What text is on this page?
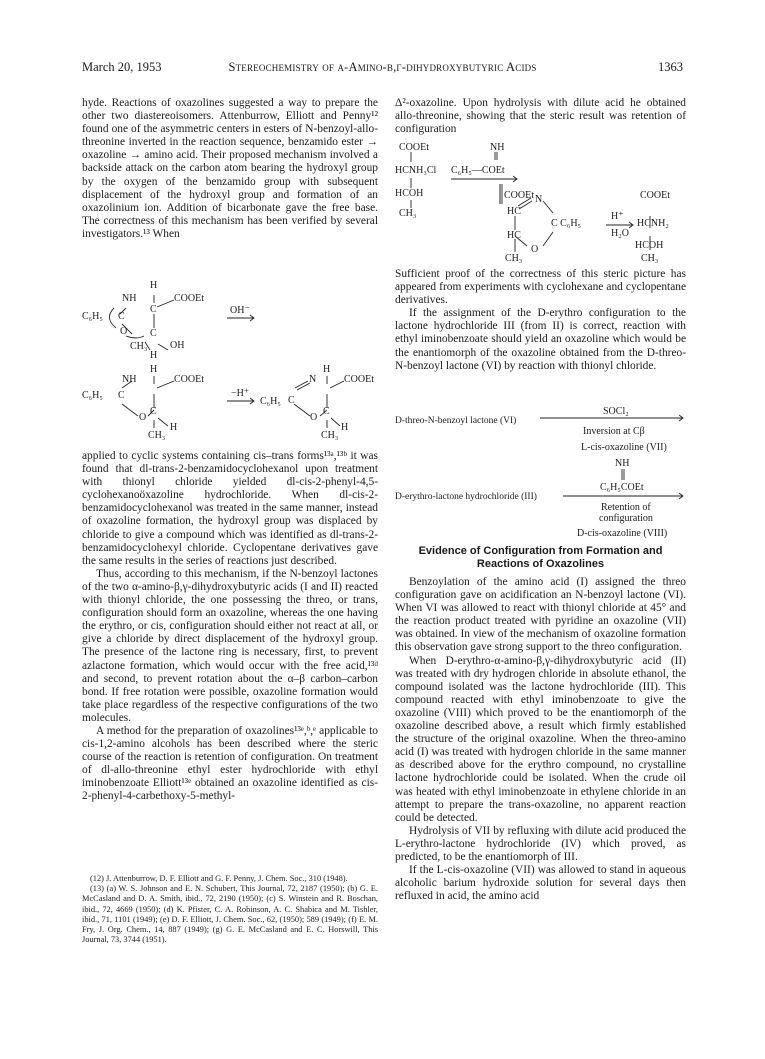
March 20, 1953	Stereochemistry of α-Amino-β,γ-dihydroxybutyric Acids	1363

hyde. Reactions of oxazolines suggested a way to prepare the other two diastereoisomers. Attenburrow, Elliott and Penny¹² found one of the asymmetric centers in esters of N-benzoyl-allo-threonine inverted in the reaction sequence, benzamido ester → oxazoline → amino acid. Their proposed mechanism involved a backside attack on the carbon atom bearing the hydroxyl group by the oxygen of the benzamido group with subsequent displacement of the hydroxyl group and formation of an oxazolinium ion. Addition of bicarbonate gave the free base. The correctness of this mechanism has been verified by several investigators.¹³ When

H
NH	COOEt
C
C₆H₅ C
O C
CH₃ OH
H
OH⁻
H
NH	COOEt
C₆H₅ C
O
C
H
CH₃
−H⁺
H
N	COOEt
C₆H₅ C
O
C
H
CH₃

applied to cyclic systems containing cis–trans forms¹³ᵃ,¹³ᵇ it was found that dl-trans-2-benzamidocyclohexanol upon treatment with thionyl chloride yielded dl-cis-2-phenyl-4,5-cyclohexanoöxazoline hydrochloride. When dl-cis-2-benzamidocyclohexanol was treated in the same manner, instead of oxazoline formation, the hydroxyl group was displaced by chloride to give a compound which was identified as dl-trans-2-benzamidocyclohexyl chloride. Cyclopentane derivatives gave the same results in the series of reactions just described.

Thus, according to this mechanism, if the N-benzoyl lactones of the two α-amino-β,γ-dihydroxybutyric acids (I and II) reacted with thionyl chloride, the one possessing the threo, or trans, configuration should form an oxazoline, whereas the one having the erythro, or cis, configuration should either not react at all, or give a chloride by direct displacement of the hydroxyl group. The presence of the lactone ring is necessary, first, to prevent azlactone formation, which would occur with the free acid,¹³ᵈ and second, to prevent rotation about the α–β carbon–carbon bond. If free rotation were possible, oxazoline formation would take place regardless of the respective configurations of the two molecules.

A method for the preparation of oxazolines¹³ᵉ,ᵇ,ᵉ applicable to cis-1,2-amino alcohols has been described where the steric course of the reaction is retention of configuration. On treatment of dl-allo-threonine ethyl ester hydrochloride with ethyl iminobenzoate Elliott¹³ᵉ obtained an oxazoline identified as cis-2-phenyl-4-carbethoxy-5-methyl-

(12) J. Attenburrow, D. F. Elliott and G. F. Penny, J. Chem. Soc., 310 (1948).

(13) (a) W. S. Johnson and E. N. Schubert, This Journal, 72, 2187 (1950); (b) G. E. McCasland and D. A. Smith, ibid., 72, 2190 (1950); (c) S. Winstein and R. Boschan, ibid., 72, 4669 (1950); (d) K. Pfister, C. A. Robinson, A. C. Shabica and M. Tishler, ibid., 71, 1101 (1949); (e) D. F. Elliott, J. Chem. Soc., 62, (1950); 589 (1949); (f) E. M. Fry, J. Org. Chem., 14, 887 (1949); (g) G. E. McCasland and E. C. Horswill, This Journal, 73, 3744 (1951).

Δ²-oxazoline. Upon hydrolysis with dilute acid he obtained allo-threonine, showing that the steric result was retention of configuration

COOEt	NH
HCNH₃Cl C₆H₅—COEt
HCOH
CH₃
COOEt N
HC
C C₆H₅
HC
O
CH₃
H⁺
H₂O
COOEt
HCNH₂
HCOH
CH₃

Sufficient proof of the correctness of this steric picture has appeared from experiments with cyclohexane and cyclopentane derivatives.

If the assignment of the D-erythro configuration to the lactone hydrochloride III (from II) is correct, reaction with ethyl iminobenzoate should yield an oxazoline which would be the enantiomorph of the oxazoline obtained from the D-threo-N-benzoyl lactone (VI) by reaction with thionyl chloride.

SOCl₂
D-threo-N-benzoyl lactone (VI)
Inversion at Cβ
L-cis-oxazoline (VII)
NH
C₆H₅COEt
D-erythro-lactone hydrochloride (III)
Retention of
configuration
D-cis-oxazoline (VIII)
Evidence of Configuration from Formation and Reactions of Oxazolines

Benzoylation of the amino acid (I) assigned the threo configuration gave on acidification an N-benzoyl lactone (VI). When VI was allowed to react with thionyl chloride at 45° and the reaction product treated with pyridine an oxazoline (VII) was obtained. In view of the mechanism of oxazoline formation this observation gave strong support to the threo configuration.

When D-erythro-α-amino-β,γ-dihydroxybutyric acid (II) was treated with dry hydrogen chloride in absolute ethanol, the compound isolated was the lactone hydrochloride (III). This compound reacted with ethyl iminobenzoate to give the oxazoline (VIII) which proved to be the enantiomorph of the oxazoline described above, a result which firmly established the structure of the original oxazoline. When the threo-amino acid (I) was treated with hydrogen chloride in the same manner as described above for the erythro compound, no crystalline lactone hydrochloride could be isolated. When the crude oil was heated with ethyl iminobenzoate in ethylene chloride in an attempt to prepare the trans-oxazoline, no apparent reaction could be detected.

Hydrolysis of VII by refluxing with dilute acid produced the L-erythro-lactone hydrochloride (IV) which proved, as predicted, to be the enantiomorph of III.

If the L-cis-oxazoline (VII) was allowed to stand in aqueous alcoholic barium hydroxide solution for several days then refluxed in acid, the amino acid
